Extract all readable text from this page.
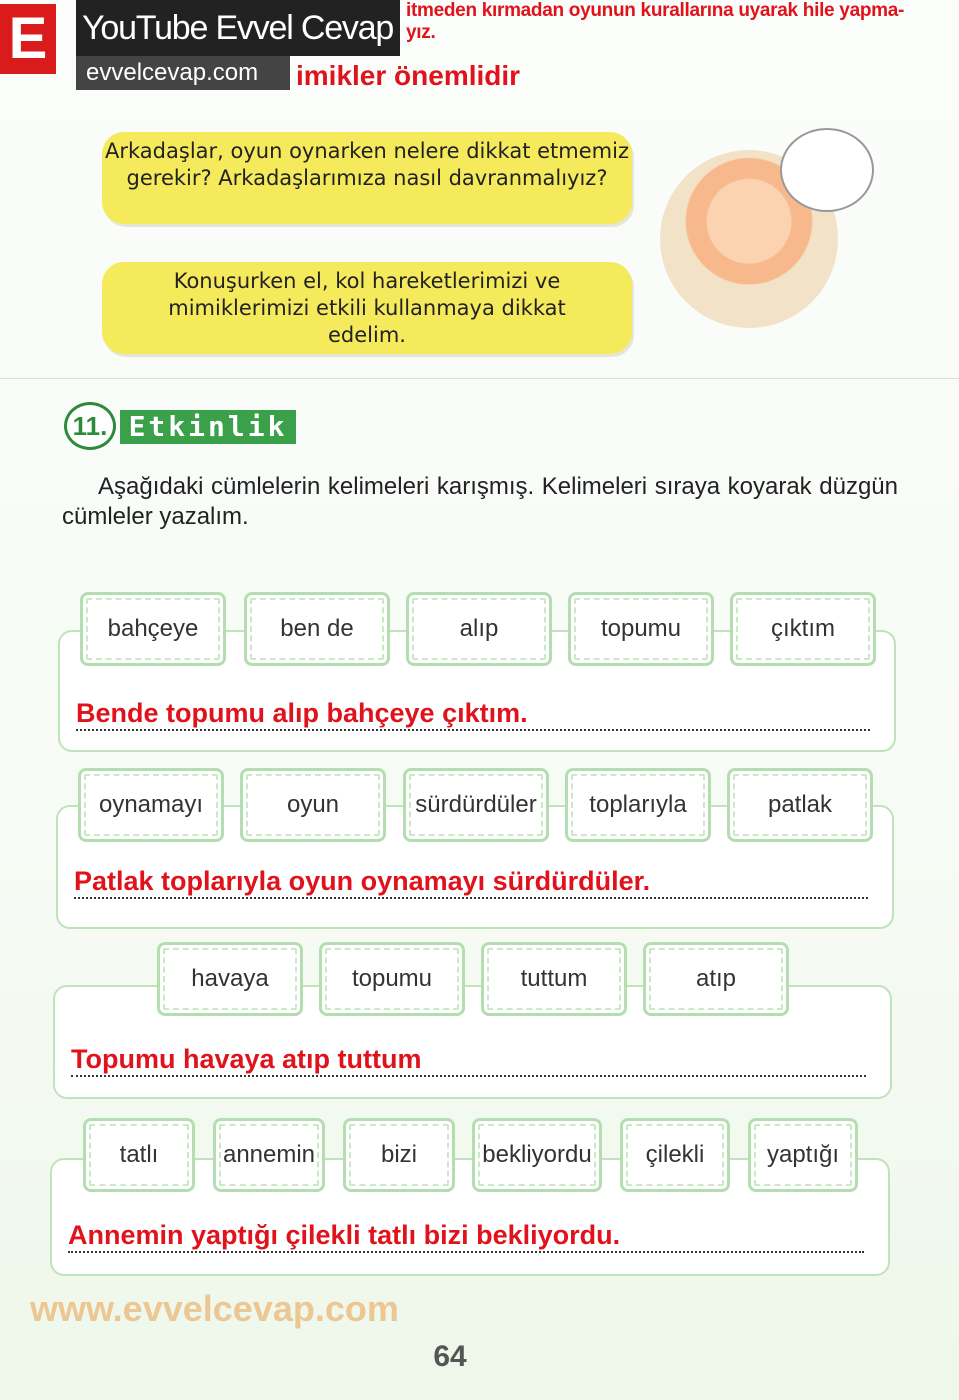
itmeden kırmadan oyunun kurallarına uyarak hile yapma-
yız.
imikler önemlidir
E YouTube Evvel Cevap
evvelcevap.com
Arkadaşlar, oyun oynarken nelere dikkat etmemiz gerekir? Arkadaşlarımıza nasıl davranmalıyız?
Konuşurken el, kol hareketlerimizi ve mimiklerimizi etkili kullanmaya dikkat edelim.
11. Etkinlik
Aşağıdaki cümlelerin kelimeleri karışmış. Kelimeleri sıraya koyarak düzgün cümleler yazalım.
bahçeye	ben de	alıp	topumu	çıktım
Bende topumu alıp bahçeye çıktım.
oynamayı	oyun	sürdürdüler	toplarıyla	patlak
Patlak toplarıyla oyun oynamayı sürdürdüler.
havaya	topumu	tuttum	atıp
Topumu havaya atıp tuttum
tatlı	annemin	bizi	bekliyordu	çilekli	yaptığı
Annemin yaptığı çilekli tatlı bizi bekliyordu.
www.evvelcevap.com
64
